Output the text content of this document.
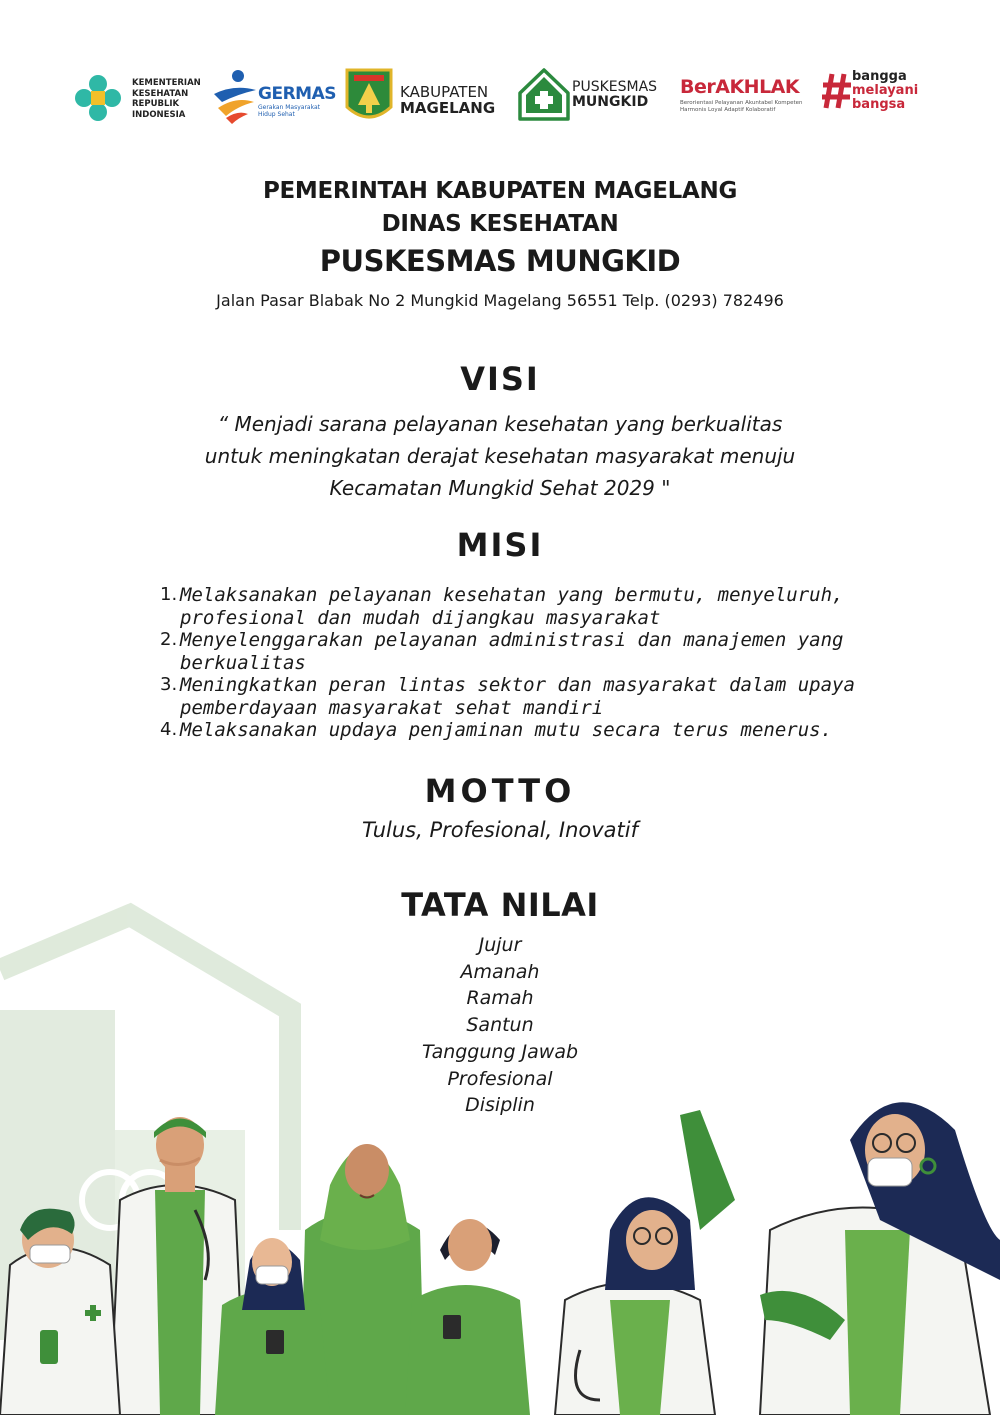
KEMENTERIAN KESEHATAN REPUBLIK INDONESIA
GERMAS
Gerakan Masyarakat Hidup Sehat
KABUPATEN
MAGELANG
PUSKESMAS
MUNGKID
BerAKHLAK
Berorientasi Pelayanan Akuntabel Kompeten Harmonis Loyal Adaptif Kolaboratif
bangga
melayani
bangsa
PEMERINTAH KABUPATEN MAGELANG
DINAS KESEHATAN
PUSKESMAS MUNGKID
Jalan Pasar Blabak No 2 Mungkid Magelang 56551 Telp. (0293) 782496
VISI
“ Menjadi sarana pelayanan kesehatan yang berkualitas
untuk meningkatan derajat kesehatan masyarakat menuju
Kecamatan Mungkid Sehat 2029 "
MISI
1. Melaksanakan pelayanan kesehatan yang bermutu, menyeluruh,
profesional dan mudah dijangkau masyarakat
2. Menyelenggarakan pelayanan administrasi dan manajemen yang
berkualitas
3. Meningkatkan peran lintas sektor dan masyarakat dalam upaya
pemberdayaan masyarakat sehat mandiri
4. Melaksanakan updaya penjaminan mutu secara terus menerus.
MOTTO
Tulus, Profesional, Inovatif
TATA NILAI
Jujur
Amanah
Ramah
Santun
Tanggung Jawab
Profesional
Disiplin
